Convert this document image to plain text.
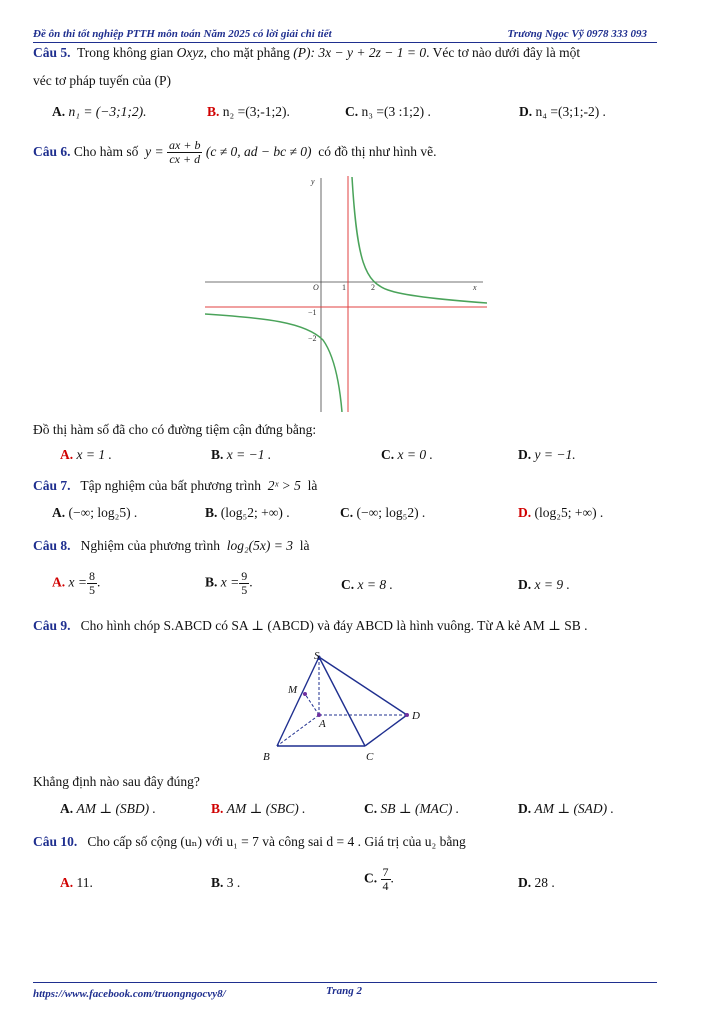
Đề ôn thi tốt nghiệp PTTH môn toán Năm 2025 có lời giải chi tiết	Trương Ngọc Vỹ 0978 333 093
Câu 5. Trong không gian Oxyz, cho mặt phẳng (P): 3x − y + 2z − 1 = 0. Véc tơ nào dưới đây là một
véc tơ pháp tuyến của (P)
A. n₁ = (−3;1;2).	B. n₂ =(3;-1;2).	C. n₃ =(3 :1;2) .	D. n₄ =(3;1;-2) .
Câu 6. Cho hàm số $y = \frac{ax + b}{cx + d} (c \ne 0$, ad − bc ≠ 0) có đồ thị như hình vẽ.
O	x
y
1	2
−1
−2
Đồ thị hàm số đã cho có đường tiệm cận đứng bằng:
A. x = 1 .	B. x = −1 .	C. x = 0 .	D. y = −1.
Câu 7. Tập nghiệm của bất phương trình 2ˣ > 5 là
A. (−∞; log₂5) .	B. (log₅2; +∞) .	C. (−∞; log₅2) .	D. (log₂5; +∞) .
Câu 8. Nghiệm của phương trình log₂(5x) = 3 là
A. $x = \frac{8}{5}$ .	B. $x = \frac{9}{5}$ .	C. x = 8 .	D. x = 9 .
Câu 9. Cho hình chóp S.ABCD có SA ⊥ (ABCD) và đáy ABCD là hình vuông. Từ A kẻ AM ⊥ SB .
S
M
A
B	C
D
Khẳng định nào sau đây đúng?
A. AM ⊥ (SBD) .	B. AM ⊥ (SBC) .	C. SB ⊥ (MAC) .	D. AM ⊥ (SAD) .
Câu 10. Cho cấp số cộng (uₙ) với u₁ = 7 và công sai d = 4 . Giá trị của u₂ bằng
A. 11.	B. 3 .	C. $\frac{7}{4}$ .	D. 28 .
https://www.facebook.com/truongngocvy8/	Trang 2
